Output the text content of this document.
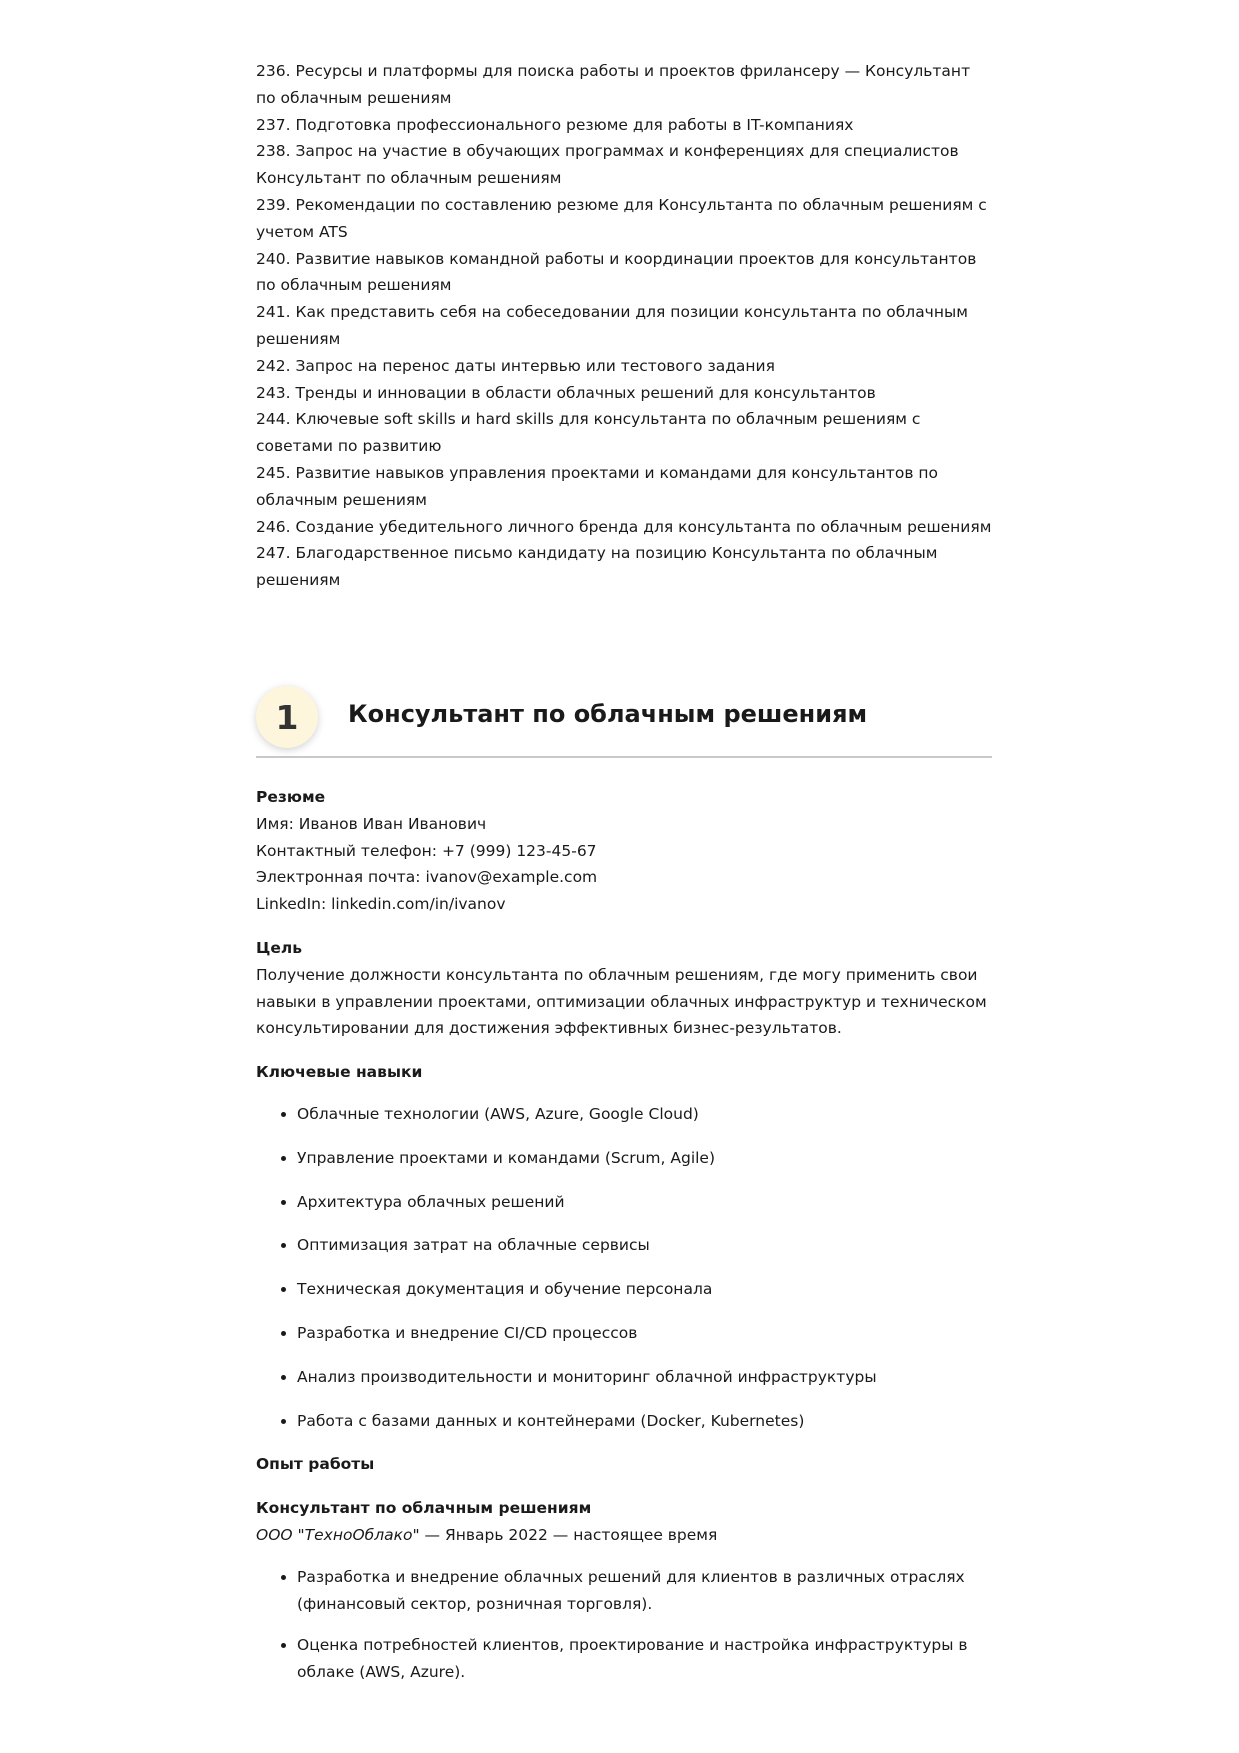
236. Ресурсы и платформы для поиска работы и проектов фрилансеру — Консультант по облачным решениям
237. Подготовка профессионального резюме для работы в IT-компаниях
238. Запрос на участие в обучающих программах и конференциях для специалистов Консультант по облачным решениям
239. Рекомендации по составлению резюме для Консультанта по облачным решениям с учетом ATS
240. Развитие навыков командной работы и координации проектов для консультантов по облачным решениям
241. Как представить себя на собеседовании для позиции консультанта по облачным решениям
242. Запрос на перенос даты интервью или тестового задания
243. Тренды и инновации в области облачных решений для консультантов
244. Ключевые soft skills и hard skills для консультанта по облачным решениям с советами по развитию
245. Развитие навыков управления проектами и командами для консультантов по облачным решениям
246. Создание убедительного личного бренда для консультанта по облачным решениям
247. Благодарственное письмо кандидату на позицию Консультанта по облачным решениям
1	Консультант по облачным решениям

Резюме

Имя: Иванов Иван Иванович

Контактный телефон: +7 (999) 123-45-67

Электронная почта: ivanov@example.com

LinkedIn: linkedin.com/in/ivanov

Цель

Получение должности консультанта по облачным решениям, где могу применить свои навыки в управлении проектами, оптимизации облачных инфраструктур и техническом консультировании для достижения эффективных бизнес-результатов.

Ключевые навыки

• Облачные технологии (AWS, Azure, Google Cloud)
• Управление проектами и командами (Scrum, Agile)
• Архитектура облачных решений
• Оптимизация затрат на облачные сервисы
• Техническая документация и обучение персонала
• Разработка и внедрение CI/CD процессов
• Анализ производительности и мониторинг облачной инфраструктуры
• Работа с базами данных и контейнерами (Docker, Kubernetes)

Опыт работы

Консультант по облачным решениям

ООО "ТехноОблако" — Январь 2022 — настоящее время

• Разработка и внедрение облачных решений для клиентов в различных отраслях (финансовый сектор, розничная торговля).
• Оценка потребностей клиентов, проектирование и настройка инфраструктуры в облаке (AWS, Azure).
